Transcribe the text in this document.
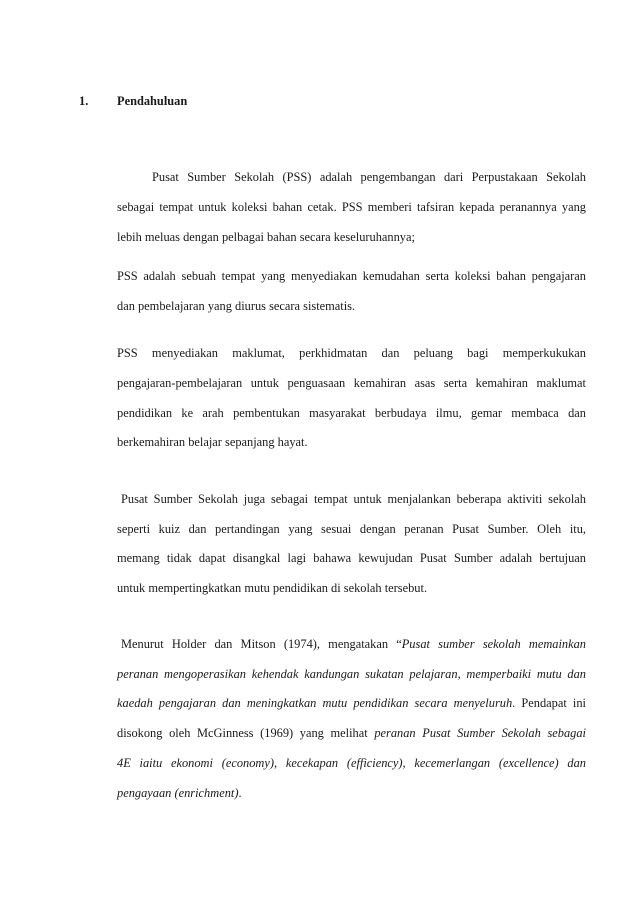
1. Pendahuluan
Pusat Sumber Sekolah (PSS) adalah pengembangan dari Perpustakaan Sekolah
sebagai tempat untuk koleksi bahan cetak. PSS memberi tafsiran kepada peranannya yang
lebih meluas dengan pelbagai bahan secara keseluruhannya;
PSS adalah sebuah tempat yang menyediakan kemudahan serta koleksi bahan pengajaran
dan pembelajaran yang diurus secara sistematis.
PSS menyediakan maklumat, perkhidmatan dan peluang bagi memperkukukan
pengajaran-pembelajaran untuk penguasaan kemahiran asas serta kemahiran maklumat
pendidikan ke arah pembentukan masyarakat berbudaya ilmu, gemar membaca dan
berkemahiran belajar sepanjang hayat.
Pusat Sumber Sekolah juga sebagai tempat untuk menjalankan beberapa aktiviti sekolah
seperti kuiz dan pertandingan yang sesuai dengan peranan Pusat Sumber. Oleh itu,
memang tidak dapat disangkal lagi bahawa kewujudan Pusat Sumber adalah bertujuan
untuk mempertingkatkan mutu pendidikan di sekolah tersebut.
Menurut Holder dan Mitson (1974), mengatakan “Pusat sumber sekolah memainkan
peranan mengoperasikan kehendak kandungan sukatan pelajaran, memperbaiki mutu dan
kaedah pengajaran dan meningkatkan mutu pendidikan secara menyeluruh. Pendapat ini
disokong oleh McGinness (1969) yang melihat peranan Pusat Sumber Sekolah sebagai
4E iaitu ekonomi (economy), kecekapan (efficiency), kecemerlangan (excellence) dan
pengayaan (enrichment).
